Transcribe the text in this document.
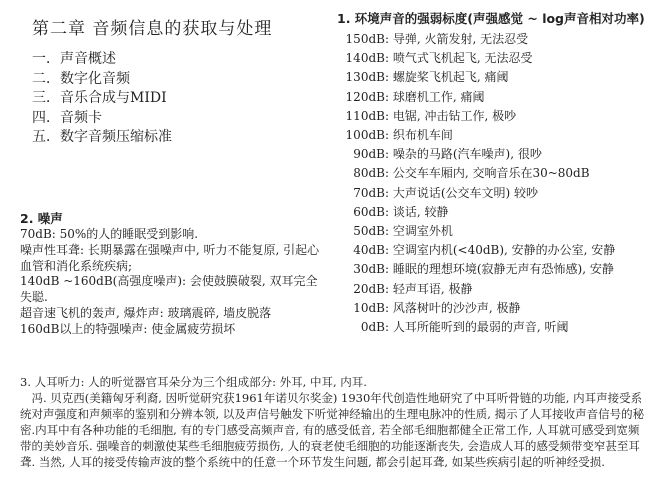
第二章 音频信息的获取与处理
一．声音概述
二．数字化音频
三．音乐合成与MIDI
四．音频卡
五．数字音频压缩标准
1. 环境声音的强弱标度(声强感觉 ~ log声音相对功率)
150dB: 导弹, 火箭发射, 无法忍受
140dB: 喷气式飞机起飞, 无法忍受
130dB: 螺旋桨飞机起飞, 痛阈
120dB: 球磨机工作, 痛阈
110dB: 电锯, 冲击钻工作, 极吵
100dB: 织布机车间
90dB: 噪杂的马路(汽车噪声), 很吵
80dB: 公交车车厢内, 交响音乐在30~80dB
70dB: 大声说话(公交车文明) 较吵
60dB: 谈话, 较静
50dB: 空调室外机
40dB: 空调室内机(<40dB), 安静的办公室, 安静
30dB: 睡眠的理想环境(寂静无声有恐怖感), 安静
20dB: 轻声耳语, 极静
10dB: 风落树叶的沙沙声, 极静
0dB: 人耳所能听到的最弱的声音, 听阈
2. 噪声

70dB: 50%的人的睡眠受到影响.

噪声性耳聋: 长期暴露在强噪声中, 听力不能复原, 引起心血管和消化系统疾病;

140dB ~160dB(高强度噪声): 会使鼓膜破裂, 双耳完全失聪.

超音速飞机的轰声, 爆炸声: 玻璃震碎, 墙皮脱落

160dB以上的特强噪声: 使金属疲劳损坏

3. 人耳听力: 人的听觉器官耳朵分为三个组成部分: 外耳, 中耳, 内耳.

冯. 贝克西(美籍匈牙利裔, 因听觉研究获1961年诺贝尔奖金) 1930年代创造性地研究了中耳听骨链的功能, 内耳声接受系统对声强度和声频率的鉴别和分辨本领, 以及声信号触发下听觉神经输出的生理电脉冲的性质, 揭示了人耳接收声音信号的秘密.内耳中有各种功能的毛细胞, 有的专门感受高频声音, 有的感受低音, 若全部毛细胞都健全正常工作, 人耳就可感受到宽频带的美妙音乐. 强噪音的刺激使某些毛细胞疲劳损伤, 人的衰老使毛细胞的功能逐渐丧失, 会造成人耳的感受频带变窄甚至耳聋. 当然, 人耳的接受传输声波的整个系统中的任意一个环节发生问题, 都会引起耳聋, 如某些疾病引起的听神经受损.
